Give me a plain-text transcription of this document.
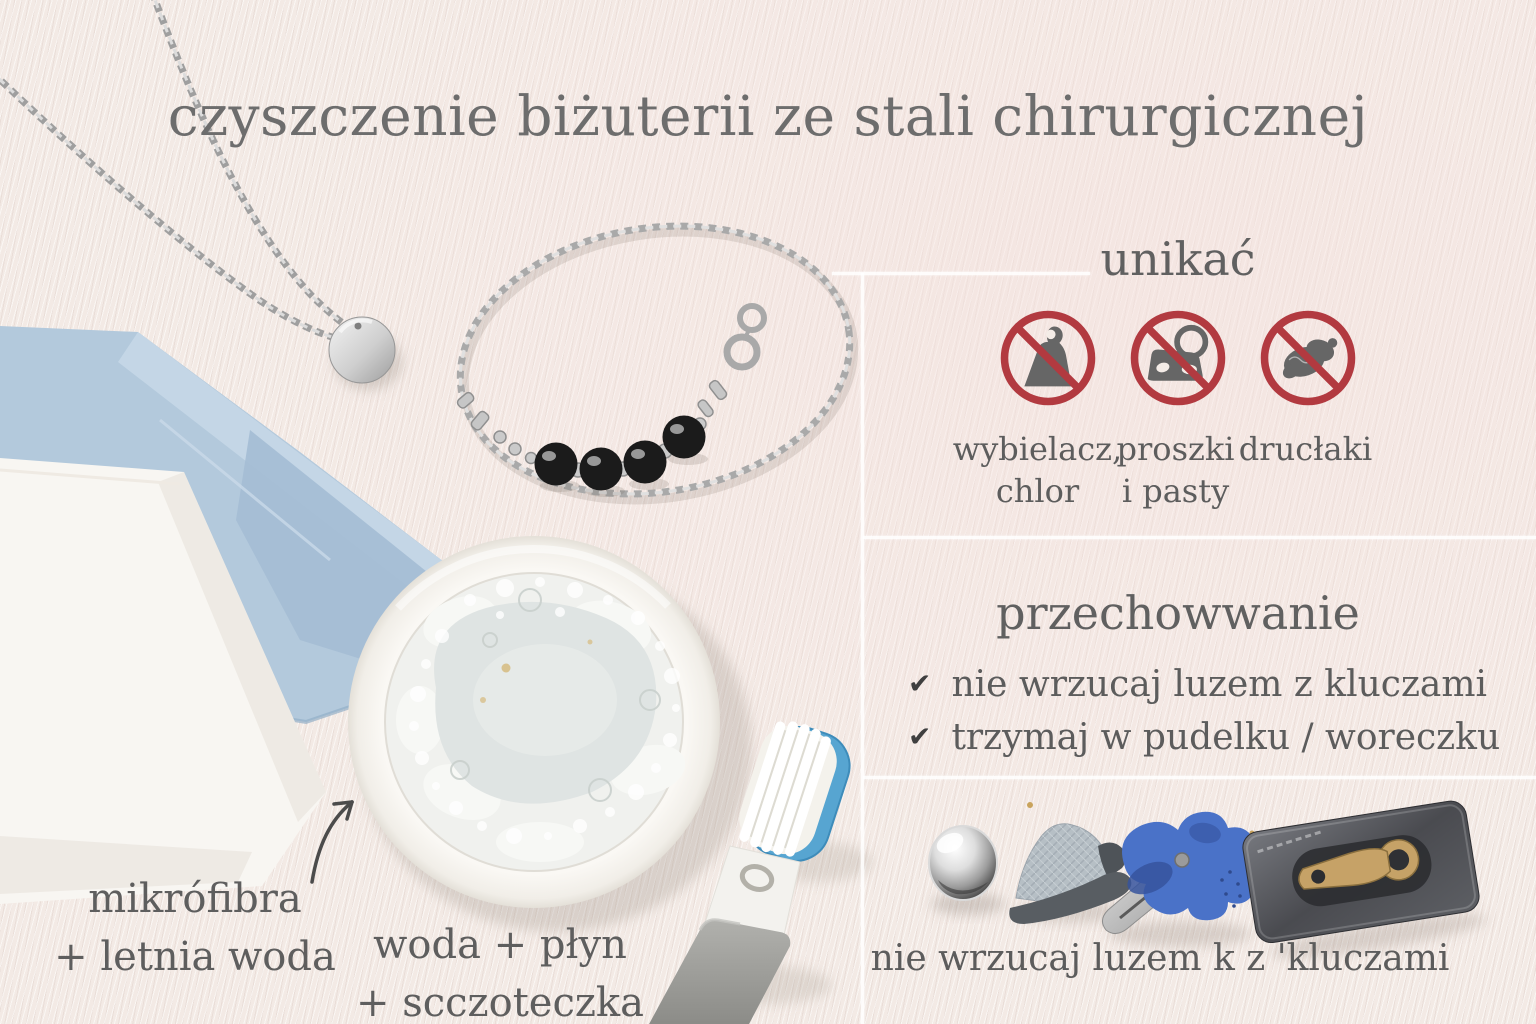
czyszczenie biżuterii ze stali chirurgicznej
unikać
wybielacz,
chlor
proszki
i pasty
drucłaki
przechowwanie
✔ nie wrzucaj luzem z kluczami
✔ trzymaj w pudelku / woreczku
nie wrzucaj luzem k z 'kluczami
mikrófibra
+ letnia woda woda + płyn
+ scczoteczka
